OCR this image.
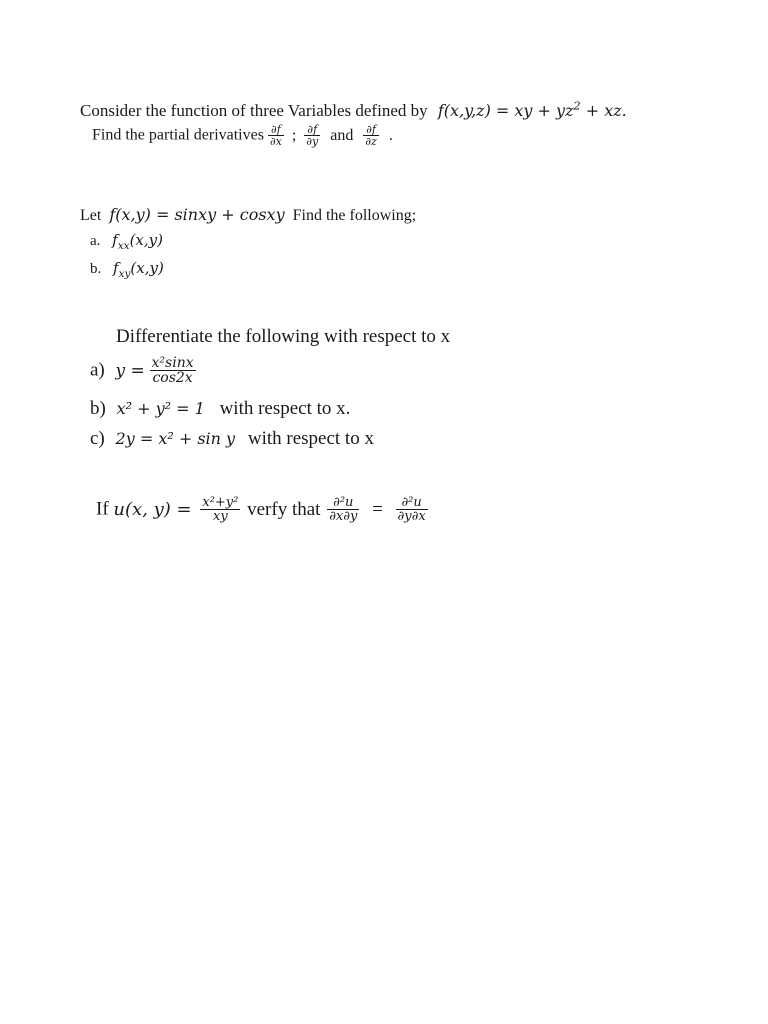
Consider the function of three Variables defined by f(x,y,z) = xy + $yz^2$ + xz.
Find the partial derivatives $\frac{\partial f}{\partial x}$ ; $\frac{\partial f}{\partial y}$ and $\frac{\partial f}{\partial z}$ .
Let f(x,y) = sinxy + cosxy Find the following;
a. $f_{xx}(x,y)$
b. $f_{xy}(x,y)$
Differentiate the following with respect to x
a) $y = \frac{\text{x²sinx}}{\cos 2x}$
b) x² + y² = 1 with respect to x.
c) 2y = x² + sin y with respect to x
If u(x, $y) = \frac{\text{x²+y²}}{xy}$ verfy that $\frac{\text{∂²u}}{\partial x\partial y} = \frac{\text{∂²u}}{\partial y\partial x}$
